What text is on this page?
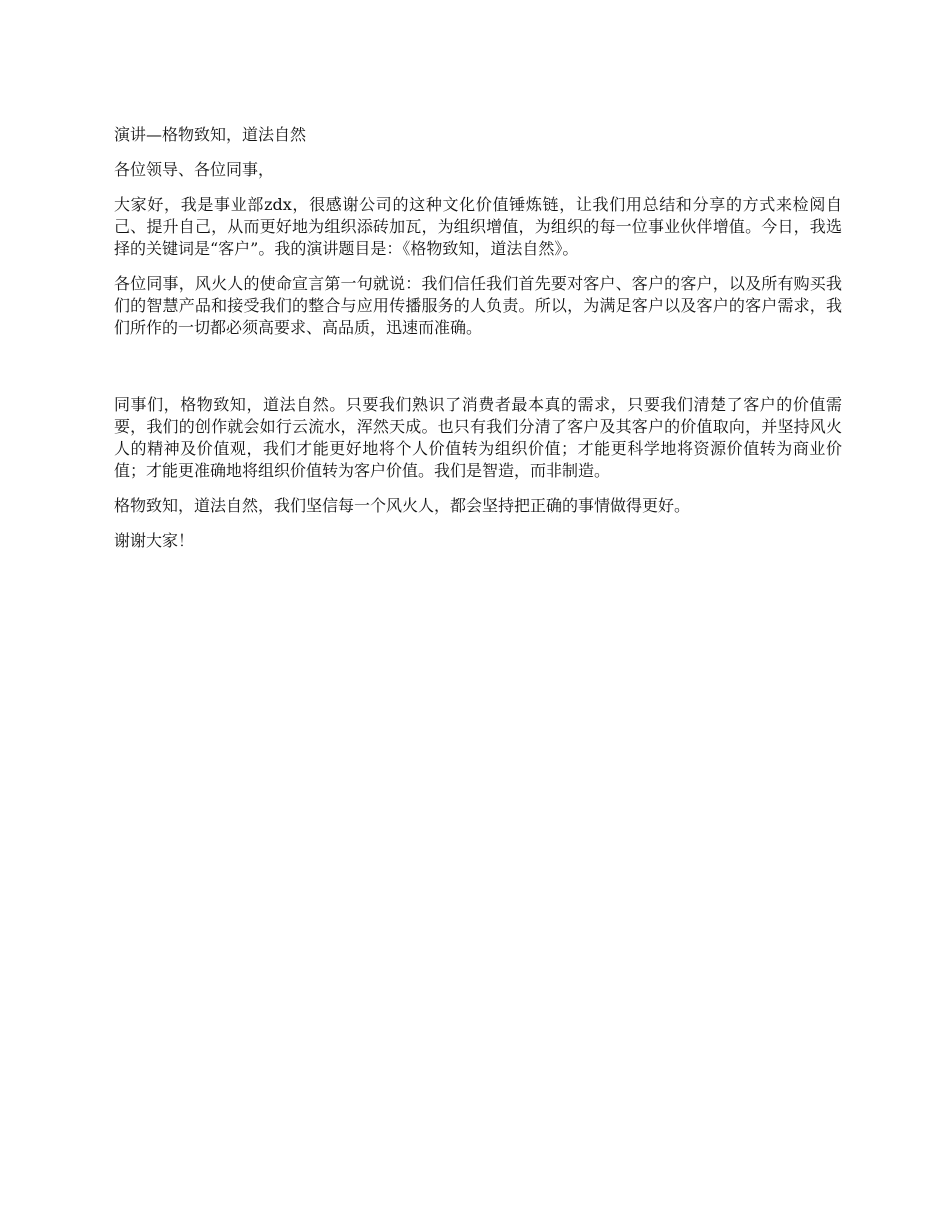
演讲—格物致知，道法自然

各位领导、各位同事，

大家好，我是事业部zdx，很感谢公司的这种文化价值锤炼链，让我们用总结和分享的方式来检阅自己、提升自己，从而更好地为组织添砖加瓦，为组织增值，为组织的每一位事业伙伴增值。今日，我选择的关键词是“客户”。我的演讲题目是：《格物致知，道法自然》。

各位同事，风火人的使命宣言第一句就说：我们信任我们首先要对客户、客户的客户，以及所有购买我们的智慧产品和接受我们的整合与应用传播服务的人负责。所以，为满足客户以及客户的客户需求，我们所作的一切都必须高要求、高品质，迅速而准确。

同事们，格物致知，道法自然。只要我们熟识了消费者最本真的需求，只要我们清楚了客户的价值需要，我们的创作就会如行云流水，浑然天成。也只有我们分清了客户及其客户的价值取向，并坚持风火人的精神及价值观，我们才能更好地将个人价值转为组织价值；才能更科学地将资源价值转为商业价值；才能更准确地将组织价值转为客户价值。我们是智造，而非制造。

格物致知，道法自然，我们坚信每一个风火人，都会坚持把正确的事情做得更好。

谢谢大家！
